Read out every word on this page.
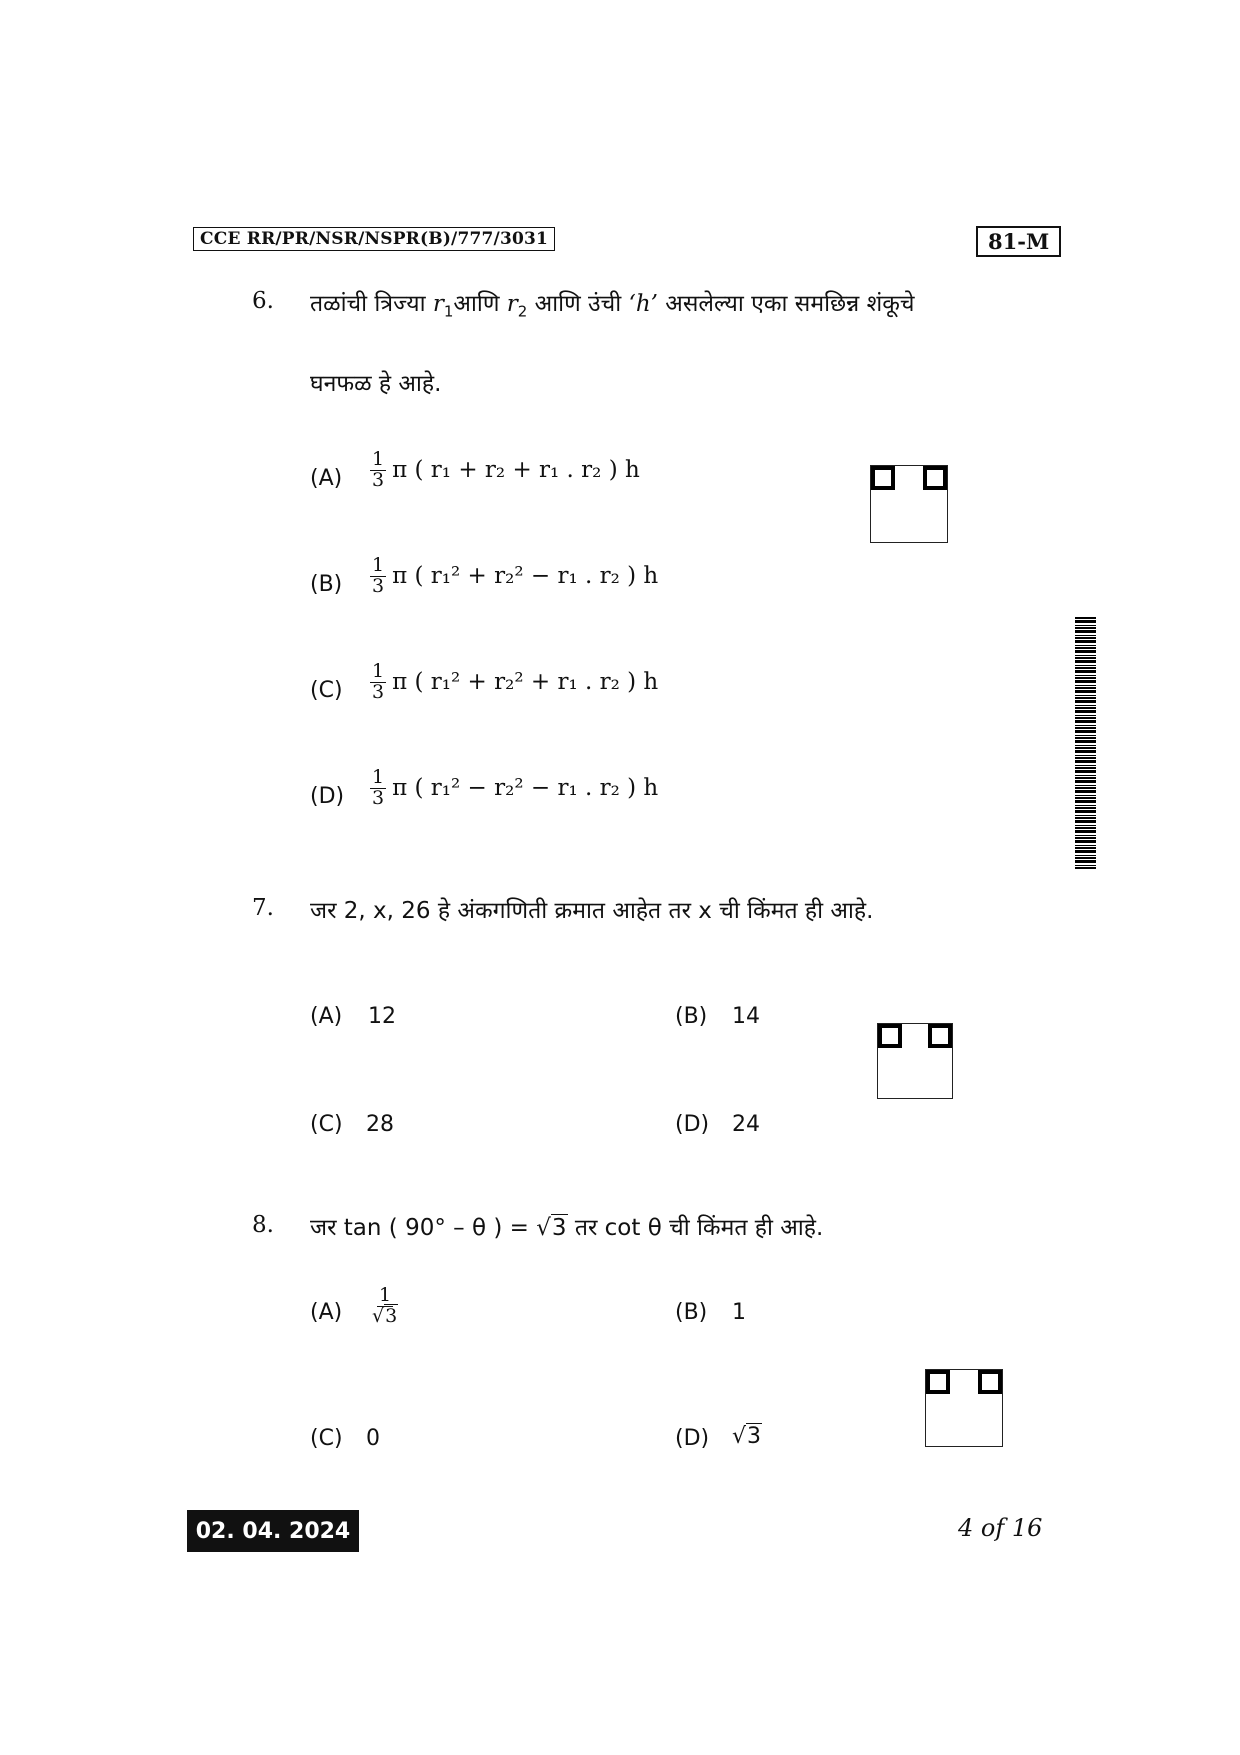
CCE RR/PR/NSR/NSPR(B)/777/3031	81-M
6. तळांची त्रिज्या $r_1आणि$ $r_2$ आणि उंची ‘h’ असलेल्या एका समछिन्न शंकूचे
घनफळ हे आहे.
$(A) \frac{1}{3}$ π ( r₁ + r₂ + r₁ . r₂ ) h
$(B) \frac{1}{3}$ π ( r₁² + r₂² − r₁ . r₂ ) h
$(C) \frac{1}{3}$ π ( r₁² + r₂² + r₁ . r₂ ) h
$(D) \frac{1}{3}$ π ( r₁² − r₂² − r₁ . r₂ ) h
7. जर 2, x, 26 हे अंकगणिती क्रमात आहेत तर x ची किंमत ही आहे.
(A) 12	(B) 14
(C) 28	(D) 24
8. जर tan ( 90° – θ ) = √3 तर cot θ ची किंमत ही आहे.
$(A) \frac{1}{√3}$	(B) 1
(C) 0	(D) √3
02. 04. 2024	4 of 16
